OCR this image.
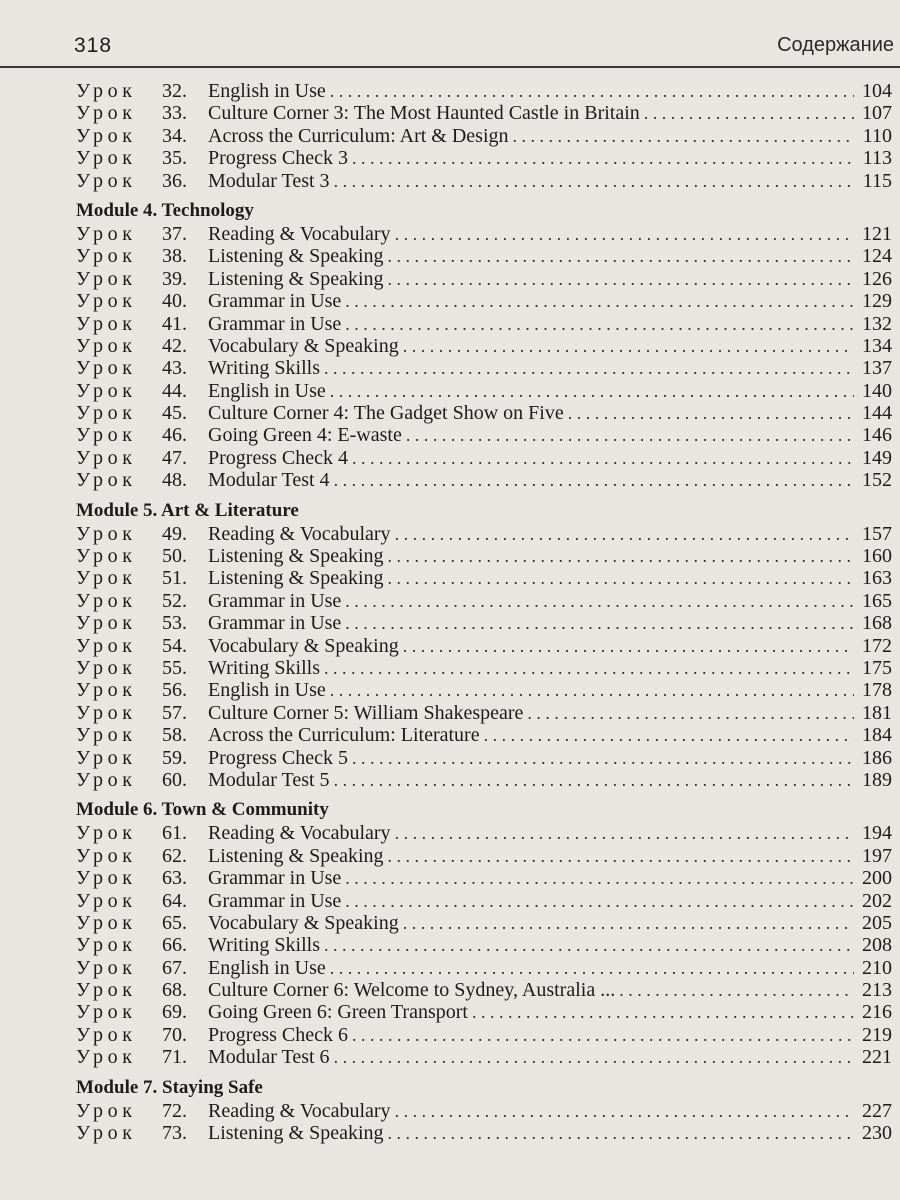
318	Содержание
Урок	32.	English in Use . . .	104
Урок	33.	Culture Corner 3: The Most Haunted Castle in Britain . . .	107
Урок	34.	Across the Curriculum: Art & Design . . .	110
Урок	35.	Progress Check 3 . . .	113
Урок	36.	Modular Test 3 . . .	115
Module 4. Technology
Урок	37.	Reading & Vocabulary . . .	121
Урок	38.	Listening & Speaking . . .	124
Урок	39.	Listening & Speaking . . .	126
Урок	40.	Grammar in Use . . .	129
Урок	41.	Grammar in Use . . .	132
Урок	42.	Vocabulary & Speaking . . .	134
Урок	43.	Writing Skills . . .	137
Урок	44.	English in Use . . .	140
Урок	45.	Culture Corner 4: The Gadget Show on Five . . .	144
Урок	46.	Going Green 4: E-waste . . .	146
Урок	47.	Progress Check 4 . . .	149
Урок	48.	Modular Test 4 . . .	152
Module 5. Art & Literature
Урок	49.	Reading & Vocabulary . . .	157
Урок	50.	Listening & Speaking . . .	160
Урок	51.	Listening & Speaking . . .	163
Урок	52.	Grammar in Use . . .	165
Урок	53.	Grammar in Use . . .	168
Урок	54.	Vocabulary & Speaking . . .	172
Урок	55.	Writing Skills . . .	175
Урок	56.	English in Use . . .	178
Урок	57.	Culture Corner 5: William Shakespeare . . .	181
Урок	58.	Across the Curriculum: Literature . . .	184
Урок	59.	Progress Check 5 . . .	186
Урок	60.	Modular Test 5 . . .	189
Module 6. Town & Community
Урок	61.	Reading & Vocabulary . . .	194
Урок	62.	Listening & Speaking . . .	197
Урок	63.	Grammar in Use . . .	200
Урок	64.	Grammar in Use . . .	202
Урок	65.	Vocabulary & Speaking . . .	205
Урок	66.	Writing Skills . . .	208
Урок	67.	English in Use . . .	210
Урок	68.	Culture Corner 6: Welcome to Sydney, Australia ... . . .	213
Урок	69.	Going Green 6: Green Transport . . .	216
Урок	70.	Progress Check 6 . . .	219
Урок	71.	Modular Test 6 . . .	221
Module 7. Staying Safe
Урок	72.	Reading & Vocabulary . . .	227
Урок	73.	Listening & Speaking . . .	230
